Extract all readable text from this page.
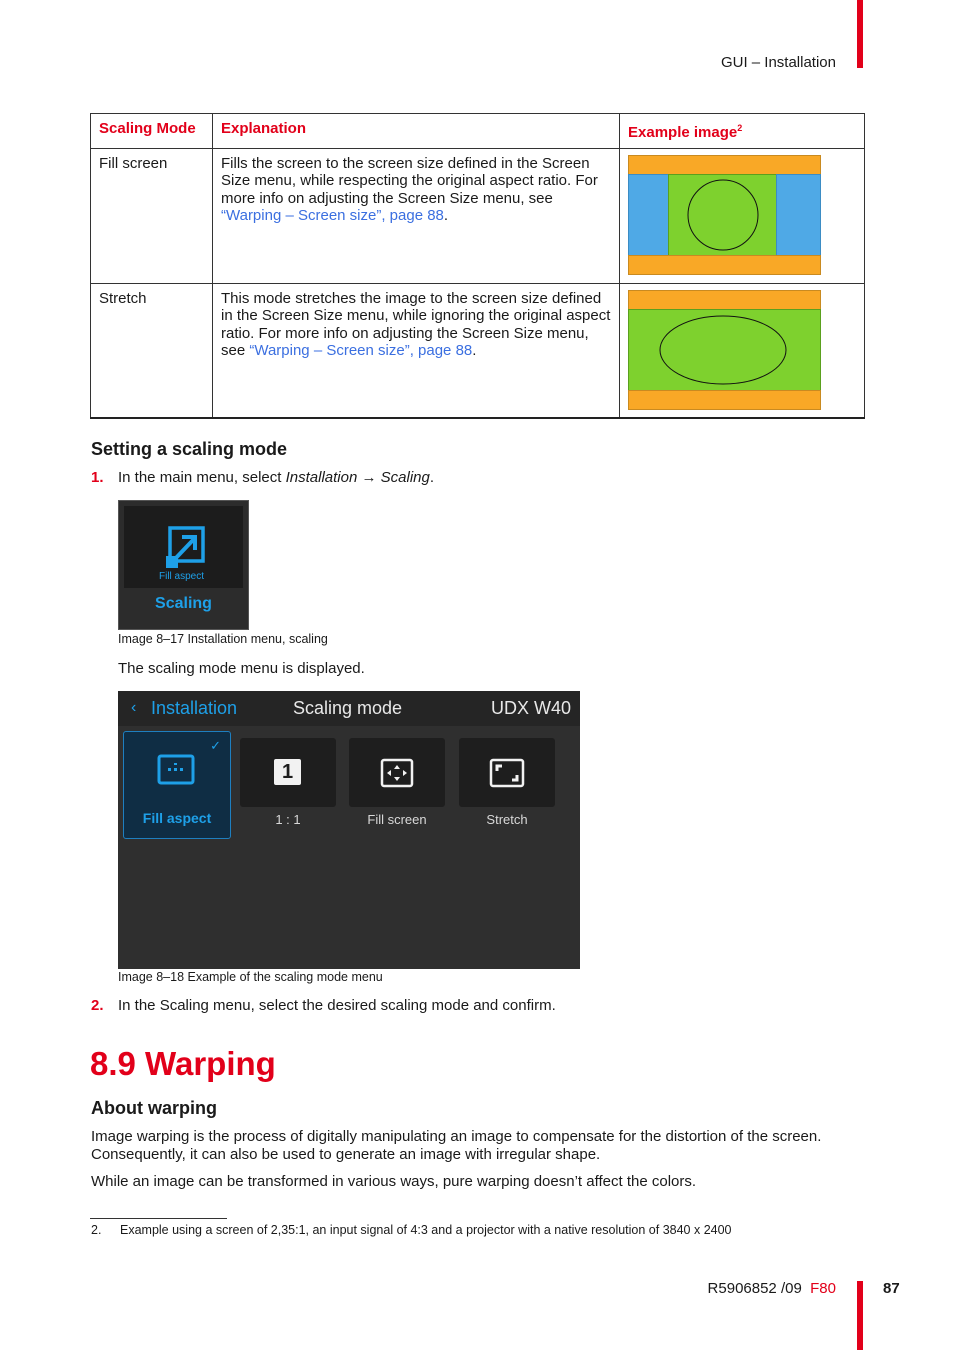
GUI – Installation
Scaling Mode	Explanation	Example image$^2$
Fill screen	Fills the screen to the screen size defined in the Screen Size menu, while respecting the original aspect ratio. For more info on adjusting the Screen Size menu, see “Warping – Screen size”, page 88.	

Stretch	This mode stretches the image to the screen size defined in the Screen Size menu, while ignoring the original aspect ratio. For more info on adjusting the Screen Size menu, see “Warping – Screen size”, page 88.	
Setting a scaling mode
1. In the main menu, select Installation → Scaling.
Fill aspect
Scaling
Image 8–17 Installation menu, scaling
The scaling mode menu is displayed.
‹ Installation	Scaling mode	UDX W40
✓
Fill aspect
1
1 : 1	Fill screen	Stretch
Image 8–18 Example of the scaling mode menu
2. In the Scaling menu, select the desired scaling mode and confirm.
8.9 Warping
About warping

Image warping is the process of digitally manipulating an image to compensate for the distortion of the screen. Consequently, it can also be used to generate an image with irregular shape.

While an image can be transformed in various ways, pure warping doesn’t affect the colors.

2. Example using a screen of 2,35:1, an input signal of 4:3 and a projector with a native resolution of 3840 x 2400
R5906852 /09 F80	87
